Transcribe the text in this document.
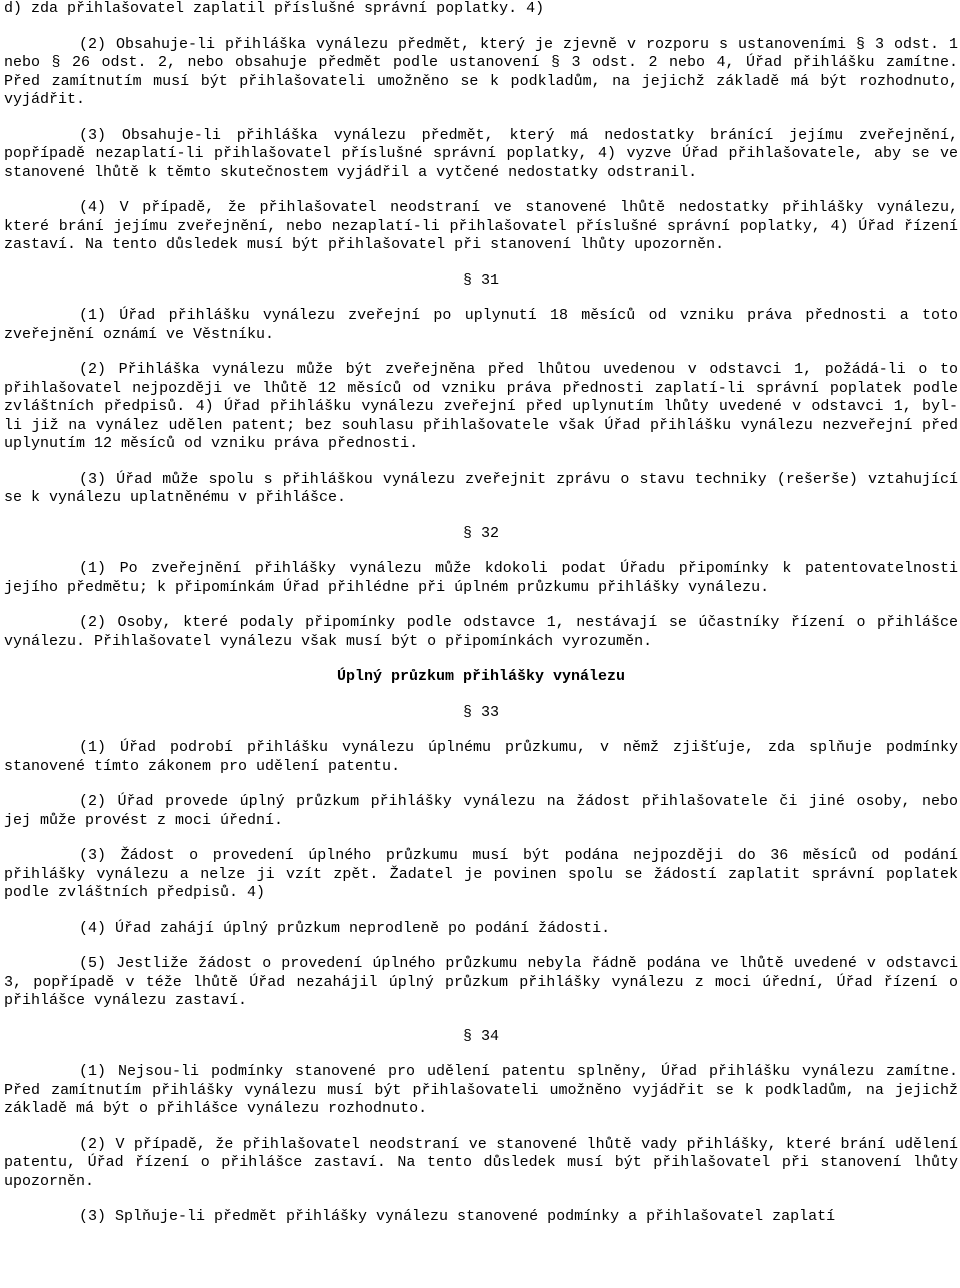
d) zda přihlašovatel zaplatil příslušné správní poplatky. 4)

(2) Obsahuje-li přihláška vynálezu předmět, který je zjevně v rozporu s ustanoveními § 3 odst. 1 nebo § 26 odst. 2, nebo obsahuje předmět podle ustanovení § 3 odst. 2 nebo 4, Úřad přihlášku zamítne. Před zamítnutím musí být přihlašovateli umožněno se k podkladům, na jejichž základě má být rozhodnuto, vyjádřit.

(3) Obsahuje-li přihláška vynálezu předmět, který má nedostatky bránící jejímu zveřejnění, popřípadě nezaplatí-li přihlašovatel příslušné správní poplatky, 4) vyzve Úřad přihlašovatele, aby se ve stanovené lhůtě k těmto skutečnostem vyjádřil a vytčené nedostatky odstranil.

(4) V případě, že přihlašovatel neodstraní ve stanovené lhůtě nedostatky přihlášky vynálezu, které brání jejímu zveřejnění, nebo nezaplatí-li přihlašovatel příslušné správní poplatky, 4) Úřad řízení zastaví. Na tento důsledek musí být přihlašovatel při stanovení lhůty upozorněn.

§ 31

(1) Úřad přihlášku vynálezu zveřejní po uplynutí 18 měsíců od vzniku práva přednosti a toto zveřejnění oznámí ve Věstníku.

(2) Přihláška vynálezu může být zveřejněna před lhůtou uvedenou v odstavci 1, požádá-li o to přihlašovatel nejpozději ve lhůtě 12 měsíců od vzniku práva přednosti zaplatí-li správní poplatek podle zvláštních předpisů. 4) Úřad přihlášku vynálezu zveřejní před uplynutím lhůty uvedené v odstavci 1, byl-li již na vynález udělen patent; bez souhlasu přihlašovatele však Úřad přihlášku vynálezu nezveřejní před uplynutím 12 měsíců od vzniku práva přednosti.

(3) Úřad může spolu s přihláškou vynálezu zveřejnit zprávu o stavu techniky (rešerše) vztahující se k vynálezu uplatněnému v přihlášce.

§ 32

(1) Po zveřejnění přihlášky vynálezu může kdokoli podat Úřadu připomínky k patentovatelnosti jejího předmětu; k připomínkám Úřad přihlédne při úplném průzkumu přihlášky vynálezu.

(2) Osoby, které podaly připomínky podle odstavce 1, nestávají se účastníky řízení o přihlášce vynálezu. Přihlašovatel vynálezu však musí být o připomínkách vyrozuměn.

Úplný průzkum přihlášky vynálezu

§ 33

(1) Úřad podrobí přihlášku vynálezu úplnému průzkumu, v němž zjišťuje, zda splňuje podmínky stanovené tímto zákonem pro udělení patentu.

(2) Úřad provede úplný průzkum přihlášky vynálezu na žádost přihlašovatele či jiné osoby, nebo jej může provést z moci úřední.

(3) Žádost o provedení úplného průzkumu musí být podána nejpozději do 36 měsíců od podání přihlášky vynálezu a nelze ji vzít zpět. Žadatel je povinen spolu se žádostí zaplatit správní poplatek podle zvláštních předpisů. 4)

(4) Úřad zahájí úplný průzkum neprodleně po podání žádosti.

(5) Jestliže žádost o provedení úplného průzkumu nebyla řádně podána ve lhůtě uvedené v odstavci 3, popřípadě v téže lhůtě Úřad nezahájil úplný průzkum přihlášky vynálezu z moci úřední, Úřad řízení o přihlášce vynálezu zastaví.

§ 34

(1) Nejsou-li podmínky stanovené pro udělení patentu splněny, Úřad přihlášku vynálezu zamítne. Před zamítnutím přihlášky vynálezu musí být přihlašovateli umožněno vyjádřit se k podkladům, na jejichž základě má být o přihlášce vynálezu rozhodnuto.

(2) V případě, že přihlašovatel neodstraní ve stanovené lhůtě vady přihlášky, které brání udělení patentu, Úřad řízení o přihlášce zastaví. Na tento důsledek musí být přihlašovatel při stanovení lhůty upozorněn.

(3) Splňuje-li předmět přihlášky vynálezu stanovené podmínky a přihlašovatel zaplatí
